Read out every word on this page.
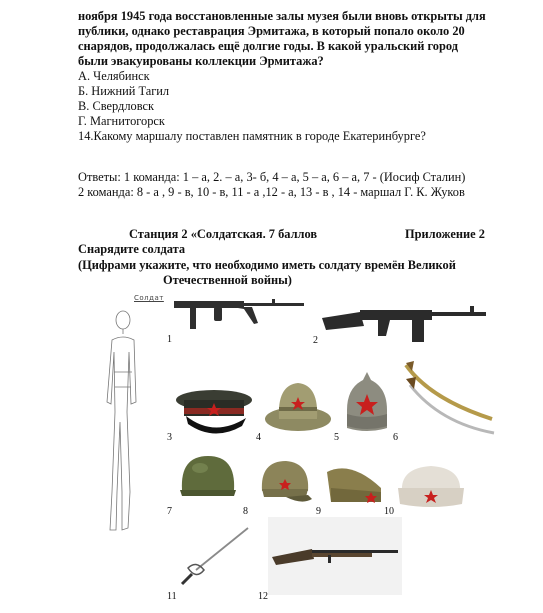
ноября 1945 года восстановленные залы музея были вновь открыты для
публики, однако реставрация Эрмитажа, в который попало около 20
снарядов, продолжалась ещё долгие годы. В какой уральский город
были эвакуированы коллекции Эрмитажа?
А. Челябинск
Б. Нижний Тагил
В. Свердловск
Г. Магнитогорск
14.Какому маршалу поставлен памятник в городе Екатеринбурге?
Ответы: 1 команда: 1 – а, 2. – а, 3- б, 4 – а, 5 – а, 6 – а, 7 - (Иосиф Сталин)
2 команда: 8 - а , 9 - в, 10 - в, 11 - а ,12 - а, 13 - в , 14 - маршал Г. К. Жуков
Станция 2 «Солдатская. 7 баллов	Приложение 2
Снарядите солдата
(Цифрами укажите, что необходимо иметь солдату времён Великой
Отечественной войны)
Солдат
1	2
3	4	5	6
7	8	9	10
11	12
